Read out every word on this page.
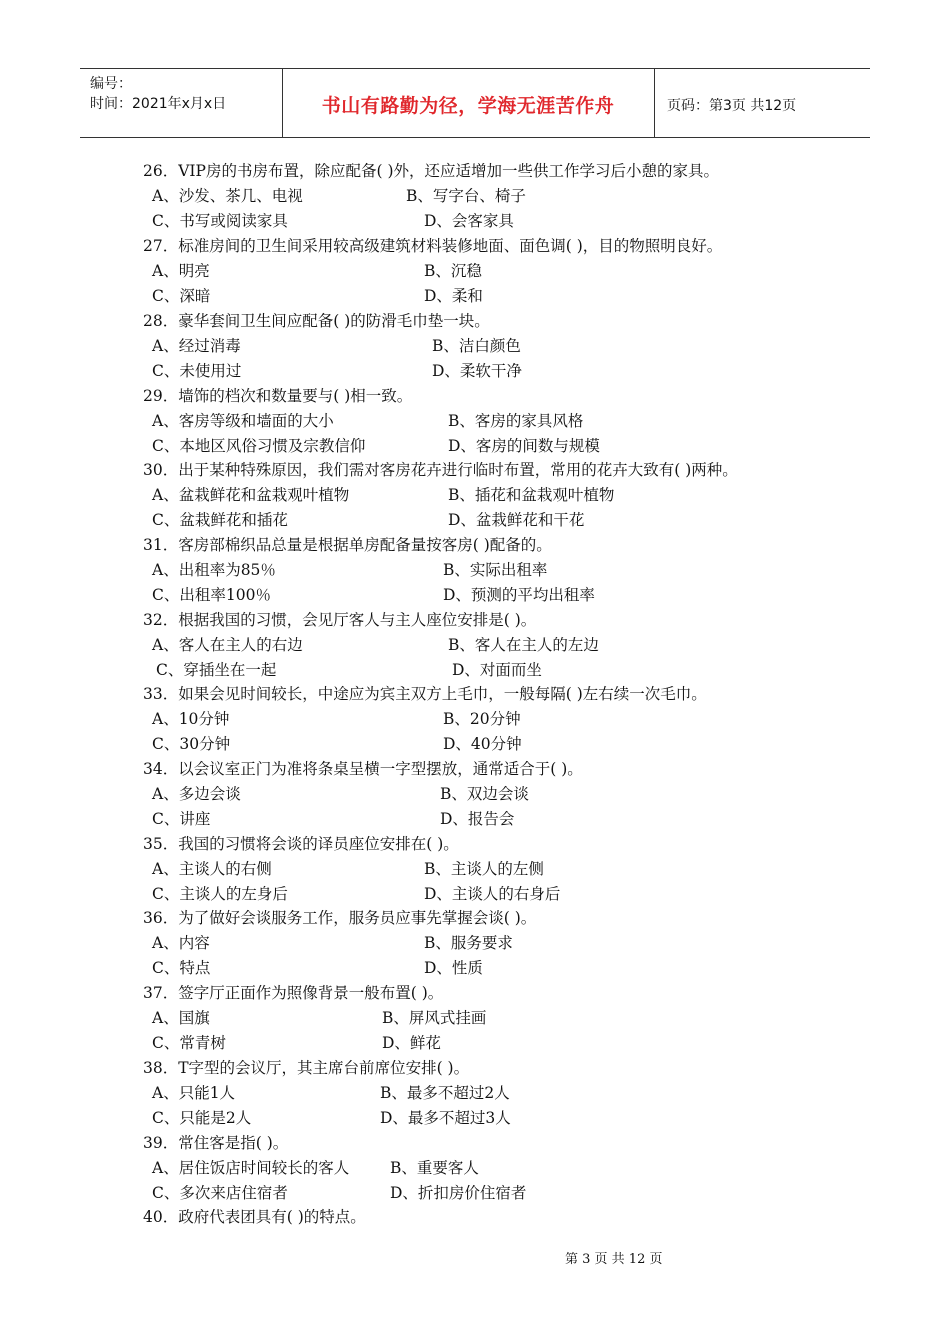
编号：
时间：2021年x月x日	书山有路勤为径，学海无涯苦作舟	页码：第3页 共12页
26．VIP房的书房布置，除应配备( )外，还应适增加一些供工作学习后小憩的家具。
A、沙发、茶几、电视	B、写字台、椅子
C、书写或阅读家具	D、会客家具
27．标准房间的卫生间采用较高级建筑材料装修地面、面色调( )，目的物照明良好。
A、明亮	B、沉稳
C、深暗	D、柔和
28．豪华套间卫生间应配备( )的防滑毛巾垫一块。
A、经过消毒	B、洁白颜色
C、未使用过	D、柔软干净
29．墙饰的档次和数量要与( )相一致。
A、客房等级和墙面的大小	B、客房的家具风格
C、本地区风俗习惯及宗教信仰	D、客房的间数与规模
30．出于某种特殊原因，我们需对客房花卉进行临时布置，常用的花卉大致有( )两种。
A、盆栽鲜花和盆栽观叶植物	B、插花和盆栽观叶植物
C、盆栽鲜花和插花	D、盆栽鲜花和干花
31．客房部棉织品总量是根据单房配备量按客房( )配备的。
A、出租率为85％	B、实际出租率
C、出租率100％	D、预测的平均出租率
32．根据我国的习惯，会见厅客人与主人座位安排是( )。
A、客人在主人的右边	B、客人在主人的左边
C、穿插坐在一起	D、对面而坐
33．如果会见时间较长，中途应为宾主双方上毛巾，一般每隔( )左右续一次毛巾。
A、10分钟	B、20分钟
C、30分钟	D、40分钟
34．以会议室正门为准将条桌呈横一字型摆放，通常适合于( )。
A、多边会谈	B、双边会谈
C、讲座	D、报告会
35．我国的习惯将会谈的译员座位安排在( )。
A、主谈人的右侧	B、主谈人的左侧
C、主谈人的左身后	D、主谈人的右身后
36．为了做好会谈服务工作，服务员应事先掌握会谈( )。
A、内容	B、服务要求
C、特点	D、性质
37．签字厅正面作为照像背景一般布置( )。
A、国旗	B、屏风式挂画
C、常青树	D、鲜花
38．T字型的会议厅，其主席台前席位安排( )。
A、只能1人	B、最多不超过2人
C、只能是2人	D、最多不超过3人
39．常住客是指( )。
A、居住饭店时间较长的客人	B、重要客人
C、多次来店住宿者	D、折扣房价住宿者
40．政府代表团具有( )的特点。
第 3 页 共 12 页
